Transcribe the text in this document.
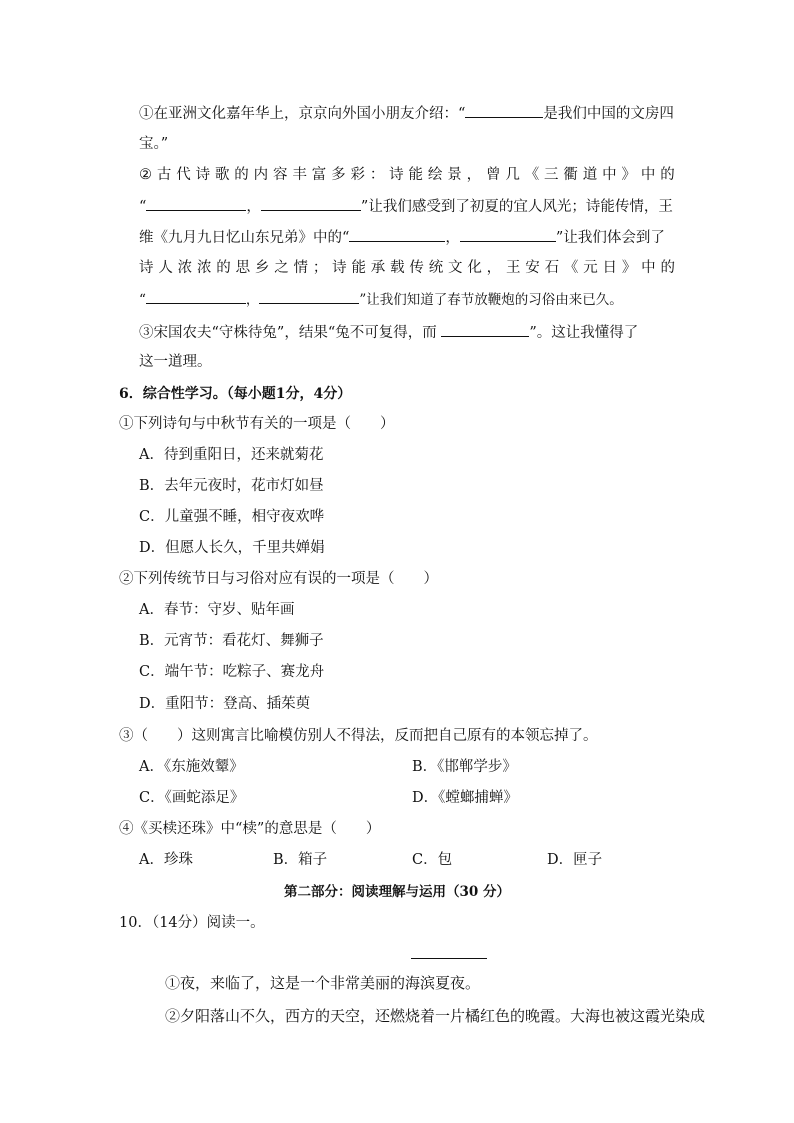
①在亚洲文化嘉年华上，京京向外国小朋友介绍：“	是我们中国的文房四
宝。”
② 古 代 诗 歌 的 内 容 丰 富 多 彩 ： 诗 能 绘 景 ， 曾 几 《 三 衢 道 中 》 中 的
“	，	”让我们感受到了初夏的宜人风光；诗能传情，王
维《九月九日忆山东兄弟》中的“	，	”让我们体会到了
诗 人 浓 浓 的 思 乡 之 情 ； 诗 能 承 载 传 统 文 化 ， 王 安 石 《 元 日 》 中 的
“	，	”让我们知道了春节放鞭炮的习俗由来已久。
③宋国农夫“守株待兔”，结果“兔不可复得，而	”。这让我懂得了
这一道理。
6．综合性学习。（每小题1分，4分）
①下列诗句与中秋节有关的一项是（　　）
A．待到重阳日，还来就菊花
B．去年元夜时，花市灯如昼
C．儿童强不睡，相守夜欢哗
D．但愿人长久，千里共婵娟
②下列传统节日与习俗对应有误的一项是（　　）
A．春节：守岁、贴年画
B．元宵节：看花灯、舞狮子
C．端午节：吃粽子、赛龙舟
D．重阳节：登高、插茱萸
③（　　）这则寓言比喻模仿别人不得法，反而把自己原有的本领忘掉了。
A．《东施效颦》	B．《邯郸学步》
C．《画蛇添足》	D．《螳螂捕蝉》
④《买椟还珠》中“椟”的意思是（　　）
A．珍珠	B．箱子	C．包	D．匣子
第二部分：阅读理解与运用（30 分）
10．（14分）阅读一。
①夜，来临了，这是一个非常美丽的海滨夏夜。
②夕阳落山不久，西方的天空，还燃烧着一片橘红色的晚霞。大海也被这霞光染成
